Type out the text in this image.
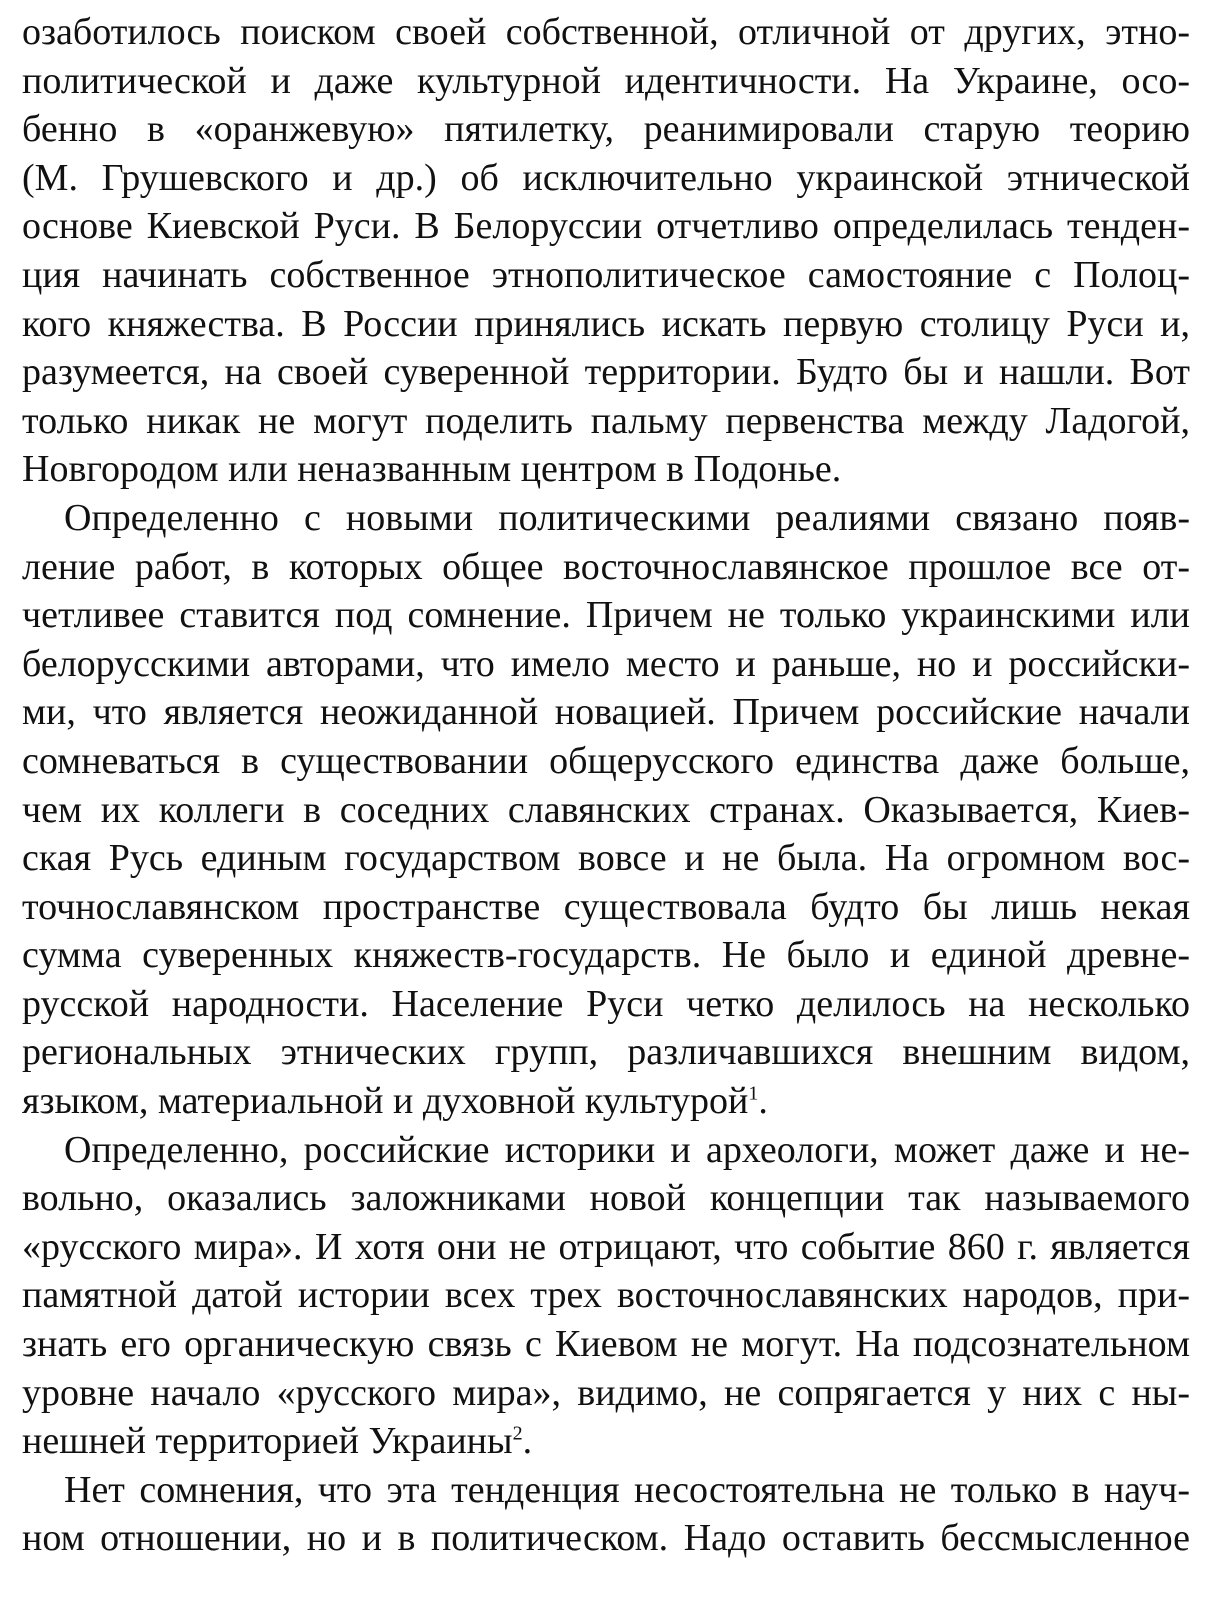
озаботилось поиском своей собственной, отличной от других, этно-
политической и даже культурной идентичности. На Украине, осо-
бенно в «оранжевую» пятилетку, реанимировали старую теорию
(М. Грушевского и др.) об исключительно украинской этнической
основе Киевской Руси. В Белоруссии отчетливо определилась тенден-
ция начинать собственное этнополитическое самостояние с Полоц-
кого княжества. В России принялись искать первую столицу Руси и,
разумеется, на своей суверенной территории. Будто бы и нашли. Вот
только никак не могут поделить пальму первенства между Ладогой,
Новгородом или неназванным центром в Подонье.

Определенно с новыми политическими реалиями связано появ-
ление работ, в которых общее восточнославянское прошлое все от-
четливее ставится под сомнение. Причем не только украинскими или
белорусскими авторами, что имело место и раньше, но и российски-
ми, что является неожиданной новацией. Причем российские начали
сомневаться в существовании общерусского единства даже больше,
чем их коллеги в соседних славянских странах. Оказывается, Киев-
ская Русь единым государством вовсе и не была. На огромном вос-
точнославянском пространстве существовала будто бы лишь некая
сумма суверенных княжеств-государств. Не было и единой древне-
русской народности. Население Руси четко делилось на несколько
региональных этнических групп, различавшихся внешним видом,
языком, материальной и духовной культурой$^1$.

Определенно, российские историки и археологи, может даже и не-
вольно, оказались заложниками новой концепции так называемого
«русского мира». И хотя они не отрицают, что событие 860 г. является
памятной датой истории всех трех восточнославянских народов, при-
знать его органическую связь с Киевом не могут. На подсознательном
уровне начало «русского мира», видимо, не сопрягается у них с ны-
нешней территорией Украины$^2$.

Нет сомнения, что эта тенденция несостоятельна не только в науч-
ном отношении, но и в политическом. Надо оставить бессмысленное
